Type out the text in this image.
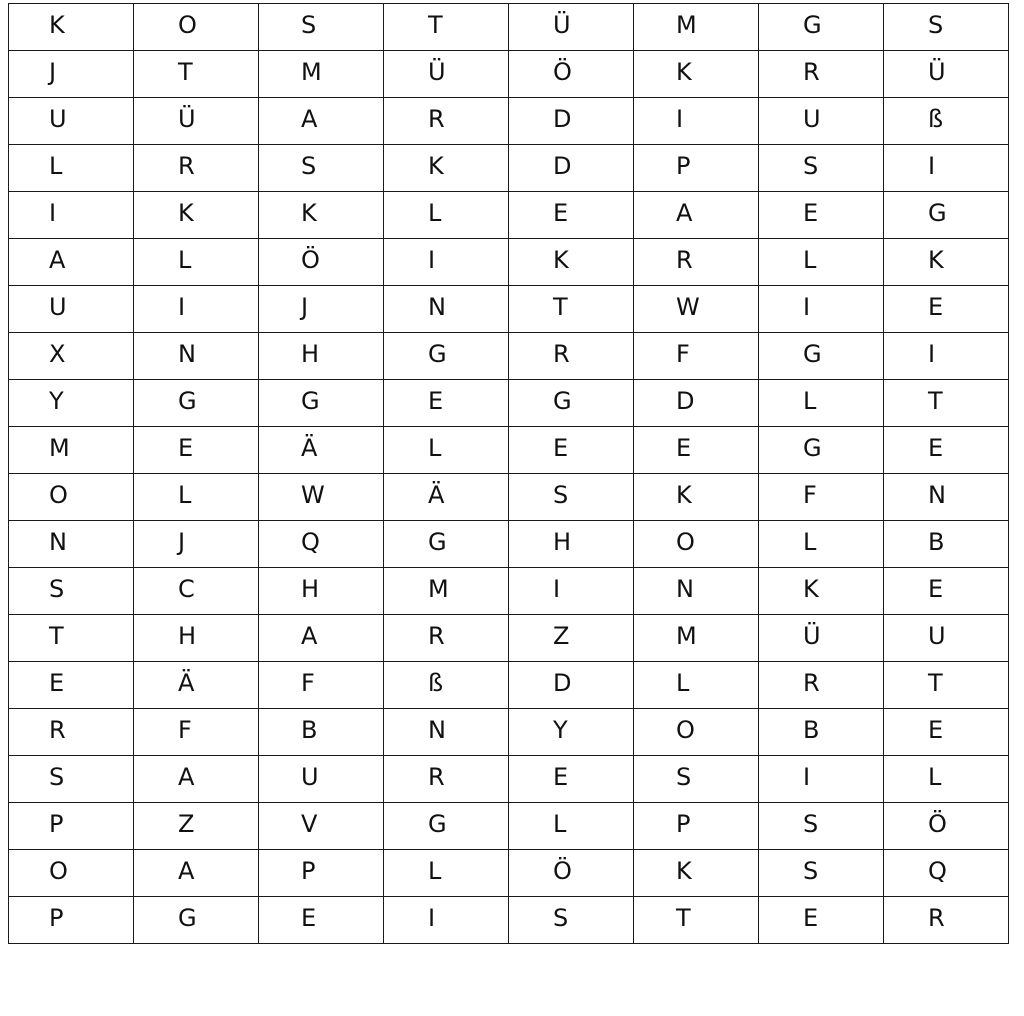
K	O	S	T	Ü	M	G	S
J	T	M	Ü	Ö	K	R	Ü
U	Ü	A	R	D	I	U	ß
L	R	S	K	D	P	S	I
I	K	K	L	E	A	E	G
A	L	Ö	I	K	R	L	K
U	I	J	N	T	W	I	E
X	N	H	G	R	F	G	I
Y	G	G	E	G	D	L	T
M	E	Ä	L	E	E	G	E
O	L	W	Ä	S	K	F	N
N	J	Q	G	H	O	L	B
S	C	H	M	I	N	K	E
T	H	A	R	Z	M	Ü	U
E	Ä	F	ß	D	L	R	T
R	F	B	N	Y	O	B	E
S	A	U	R	E	S	I	L
P	Z	V	G	L	P	S	Ö
O	A	P	L	Ö	K	S	Q
P	G	E	I	S	T	E	R
